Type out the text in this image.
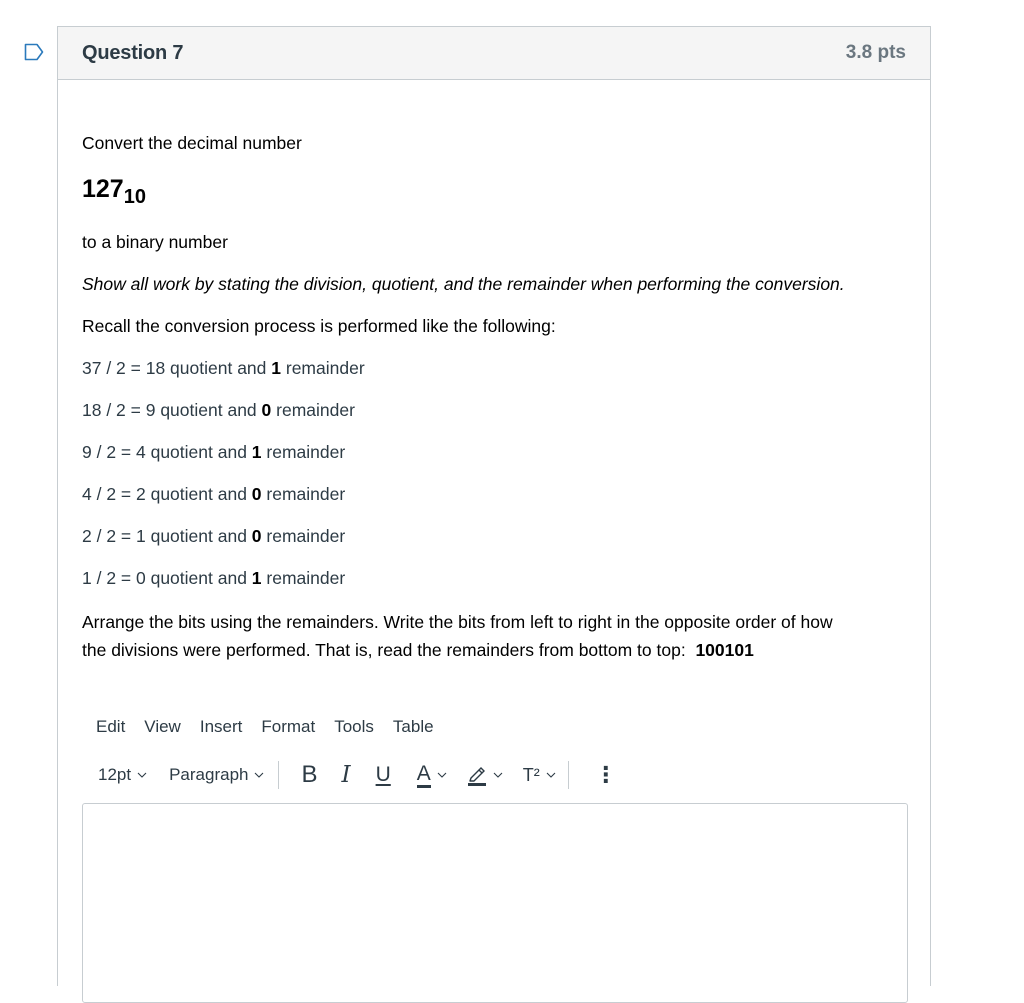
Question 7	3.8 pts

Convert the decimal number

$127_{10}$

to a binary number

Show all work by stating the division, quotient, and the remainder when performing the conversion.

Recall the conversion process is performed like the following:

37 / 2 = 18 quotient and 1 remainder

18 / 2 = 9 quotient and 0 remainder

9 / 2 = 4 quotient and 1 remainder

4 / 2 = 2 quotient and 0 remainder

2 / 2 = 1 quotient and 0 remainder

1 / 2 = 0 quotient and 1 remainder

Arrange the bits using the remainders. Write the bits from left to right in the opposite order of how

the divisions were performed. That is, read the remainders from bottom to top: 100101

Edit View Insert Format Tools Table
12pt Paragraph B I U A	T²	⋮
